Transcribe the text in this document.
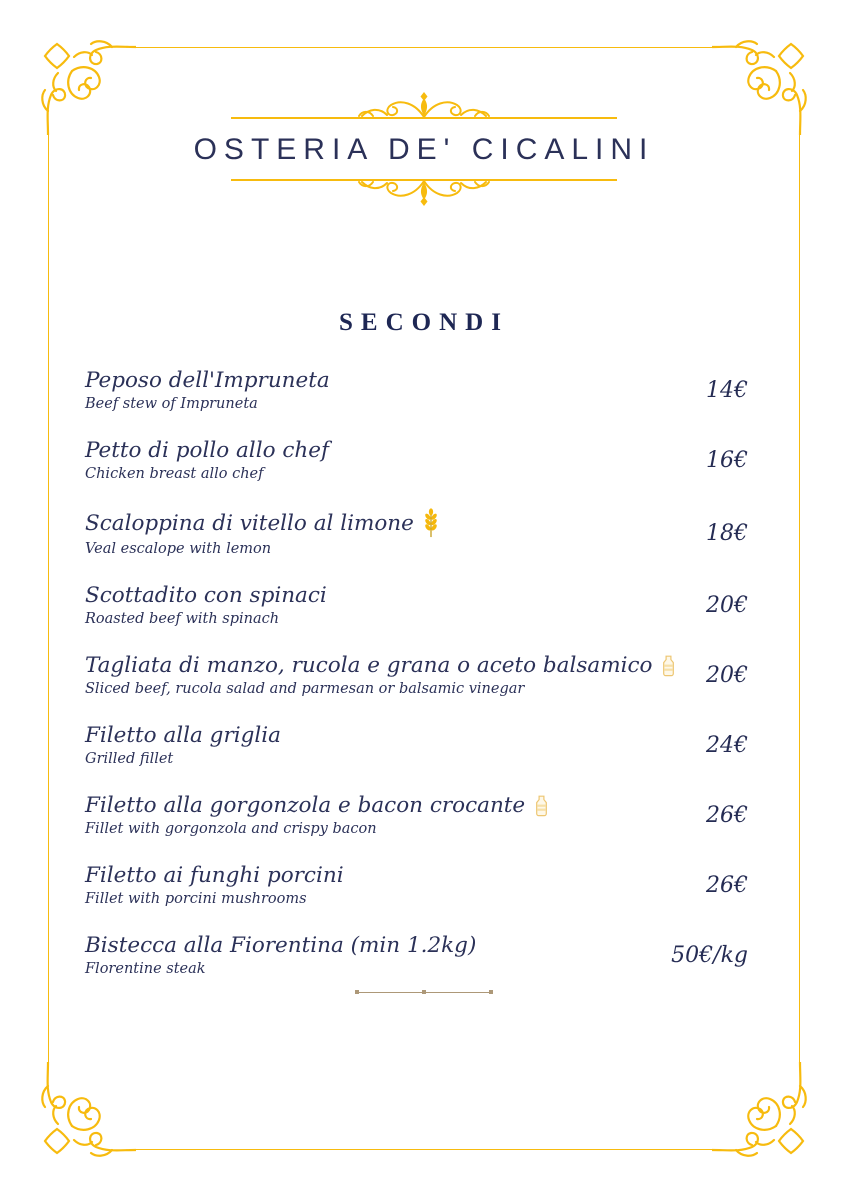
OSTERIA DE' CICALINI
SECONDI
Peposo dell'Impruneta
Beef stew of Impruneta
14€
Petto di pollo allo chef
Chicken breast allo chef
16€
Scaloppina di vitello al limone
Veal escalope with lemon
18€
Scottadito con spinaci
Roasted beef with spinach
20€
Tagliata di manzo, rucola e grana o aceto balsamico
Sliced beef, rucola salad and parmesan or balsamic vinegar
20€
Filetto alla griglia
Grilled fillet
24€
Filetto alla gorgonzola e bacon crocante
Fillet with gorgonzola and crispy bacon
26€
Filetto ai funghi porcini
Fillet with porcini mushrooms
26€
Bistecca alla Fiorentina (min 1.2kg)
Florentine steak
50€/kg
